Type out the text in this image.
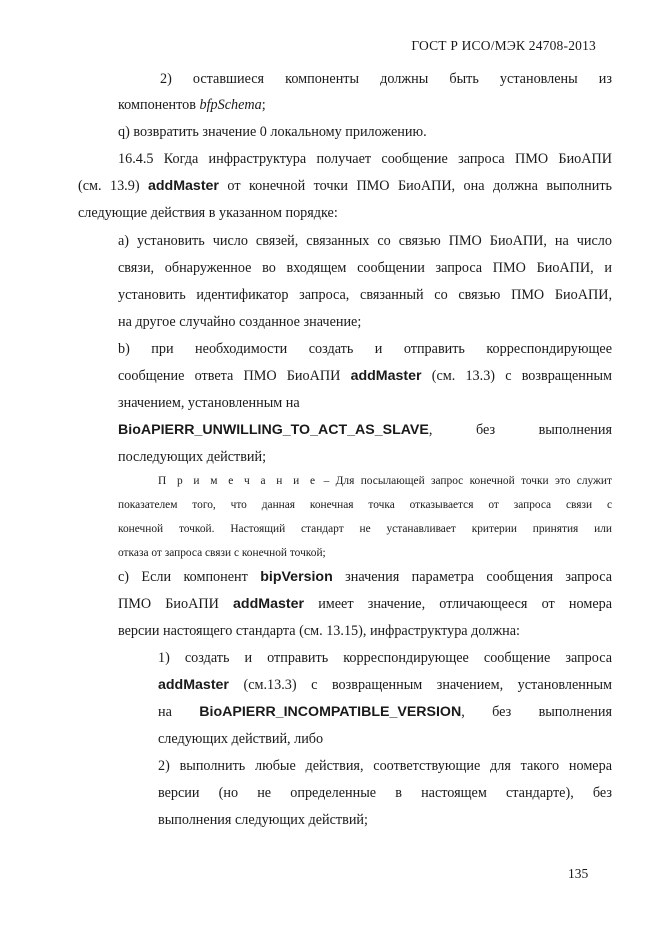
ГОСТ Р ИСО/МЭК 24708-2013
2) оставшиеся компоненты должны быть установлены из
компонентов bfpSchema;
q) возвратить значение 0 локальному приложению.
16.4.5 Когда инфраструктура получает сообщение запроса ПМО БиоАПИ
(см. 13.9) addMaster от конечной точки ПМО БиоАПИ, она должна выполнить
следующие действия в указанном порядке:
a) установить число связей, связанных со связью ПМО БиоАПИ, на число
связи, обнаруженное во входящем сообщении запроса ПМО БиоАПИ, и
установить идентификатор запроса, связанный со связью ПМО БиоАПИ,
на другое случайно созданное значение;
b) при необходимости создать и отправить корреспондирующее
сообщение ответа ПМО БиоАПИ addMaster (см. 13.3) с возвращенным
значением, установленным на
BioAPIERR_UNWILLING_TO_ACT_AS_SLAVE, без выполнения
последующих действий;
П р и м е ч а н и е – Для посылающей запрос конечной точки это служит
показателем того, что данная конечная точка отказывается от запроса связи с
конечной точкой. Настоящий стандарт не устанавливает критерии принятия или
отказа от запроса связи с конечной точкой;
c) Если компонент bipVersion значения параметра сообщения запроса
ПМО БиоАПИ addMaster имеет значение, отличающееся от номера
версии настоящего стандарта (см. 13.15), инфраструктура должна:
1) создать и отправить корреспондирующее сообщение запроса
addMaster (см.13.3) с возвращенным значением, установленным
на BioAPIERR_INCOMPATIBLE_VERSION, без выполнения
следующих действий, либо
2) выполнить любые действия, соответствующие для такого номера
версии (но не определенные в настоящем стандарте), без
выполнения следующих действий;
135
